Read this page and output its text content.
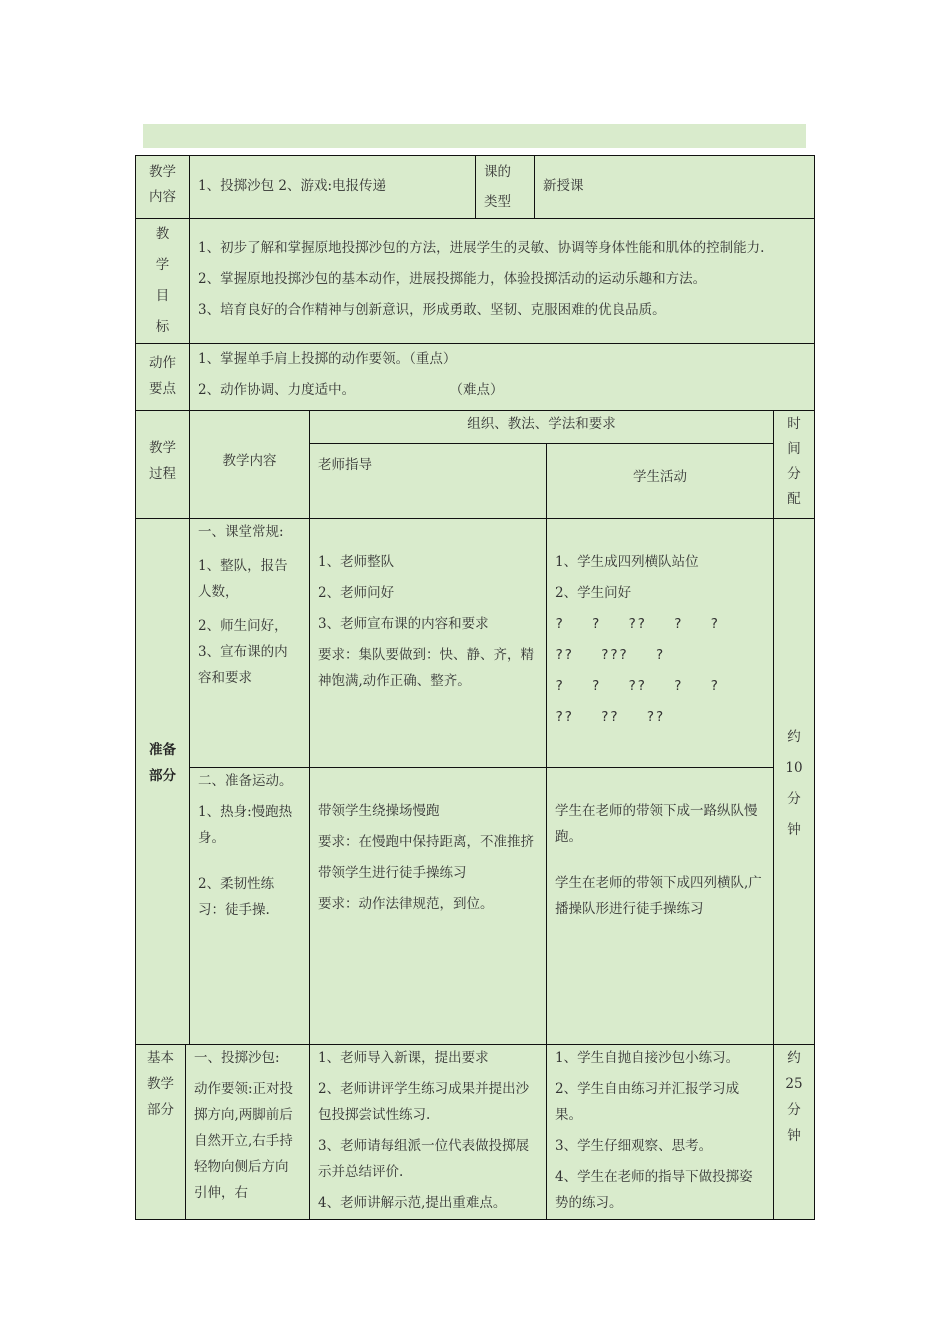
教学
内容
1、投掷沙包 2、游戏:电报传递
课的
类型
新授课
教
学
目
标
1、初步了解和掌握原地投掷沙包的方法，进展学生的灵敏、协调等身体性能和肌体的控制能力.
2、掌握原地投掷沙包的基本动作，进展投掷能力，体验投掷活动的运动乐趣和方法。
3、培育良好的合作精神与创新意识，形成勇敢、坚韧、克服困难的优良品质。
动作
要点
1、掌握单手肩上投掷的动作要领。（重点）
2、动作协调、力度适中。                      （难点）
教学
过程
教学内容
组织、教法、学法和要求
老师指导
学生活动
时
间
分
配
准备
部分
一、课堂常规:
1、整队，报告人数，
2、师生问好，
3、宣布课的内容和要求
1、老师整队
2、老师问好
3、老师宣布课的内容和要求
要求：集队要做到：快、静、齐，精神饱满,动作正确、整齐。
1、学生成四列横队站位
2、学生问好
?   ?   ??   ?   ?
??   ???   ?
?   ?   ??   ?   ?
??   ??   ??
二、准备运动。
1、热身:慢跑热身。
2、柔韧性练习：徒手操.
带领学生绕操场慢跑
要求：在慢跑中保持距离，不准推挤
带领学生进行徒手操练习
要求：动作法律规范，到位。
学生在老师的带领下成一路纵队慢跑。
学生在老师的带领下成四列横队,广播操队形进行徒手操练习
约
10
分
钟
基本
教学
部分
一、投掷沙包:
动作要领:正对投掷方向,两脚前后自然开立,右手持轻物向侧后方向引伸，右
1、老师导入新课，提出要求
2、老师讲评学生练习成果并提出沙包投掷尝试性练习.
3、老师请每组派一位代表做投掷展示并总结评价.
4、老师讲解示范,提出重难点。
1、学生自抛自接沙包小练习。
2、学生自由练习并汇报学习成果。
3、学生仔细观察、思考。
4、学生在老师的指导下做投掷姿势的练习。
约
25
分
钟
